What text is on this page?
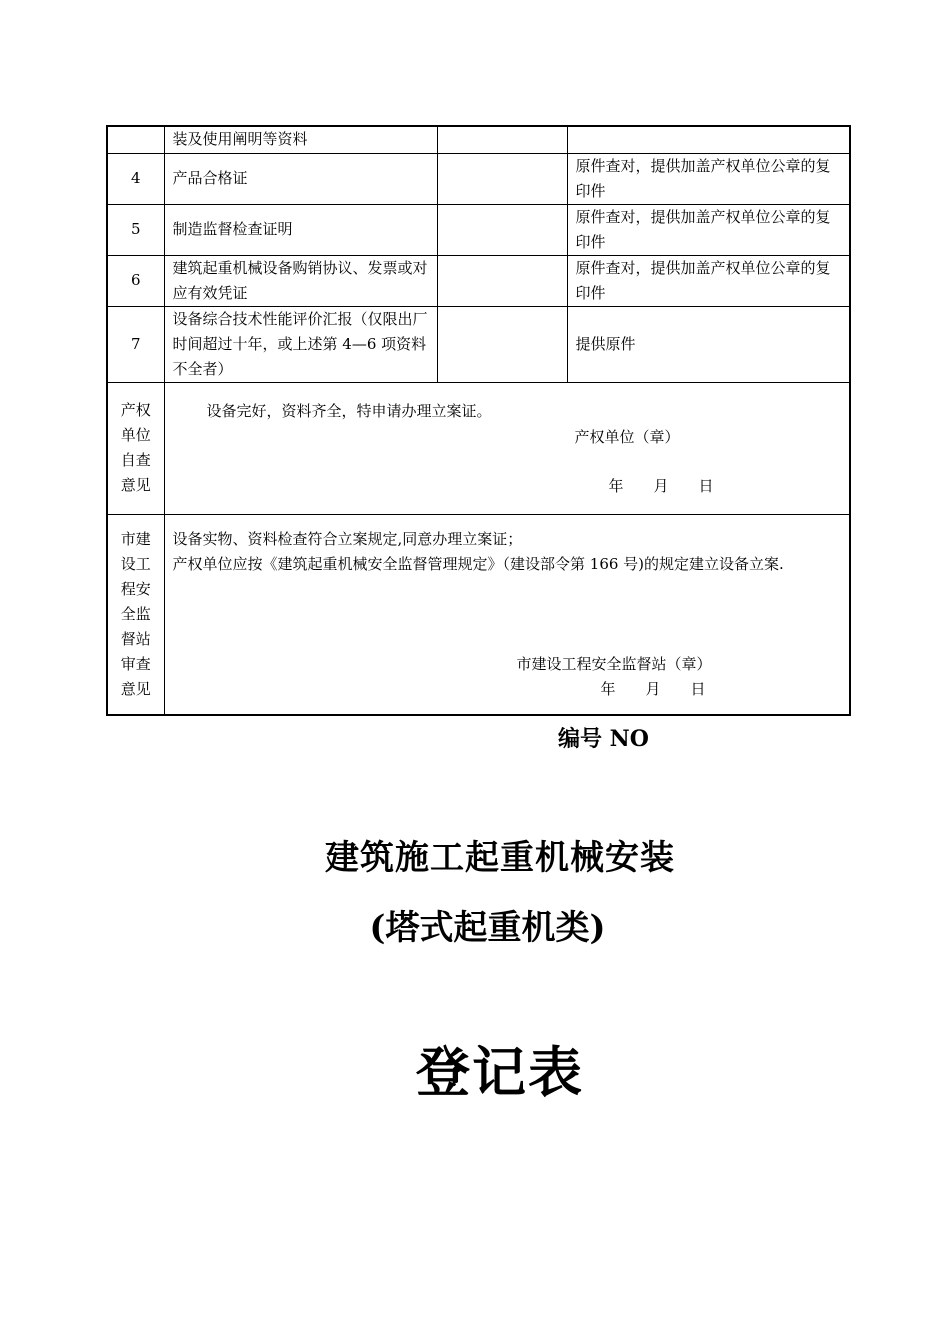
	装及使用阐明等资料		
4	产品合格证		原件查对，提供加盖产权单位公章的复印件
5	制造监督检查证明		原件查对，提供加盖产权单位公章的复印件
6	建筑起重机械设备购销协议、发票或对应有效凭证		原件查对，提供加盖产权单位公章的复印件
7	设备综合技术性能评价汇报（仅限出厂时间超过十年，或上述第 4—6 项资料不全者）		提供原件

产权单位自查意见	设备完好，资料齐全，特申请办理立案证。
产权单位（章）
年　　月　　日		

市建设工程安全监督站审查意见	设备实物、资料检查符合立案规定,同意办理立案证；
产权单位应按《建筑起重机械安全监督管理规定》（建设部令第 166 号)的规定建立设备立案.
市建设工程安全监督站（章）
年　　月　　日		
编号 NO
建筑施工起重机械安装
(塔式起重机类)
登记表
